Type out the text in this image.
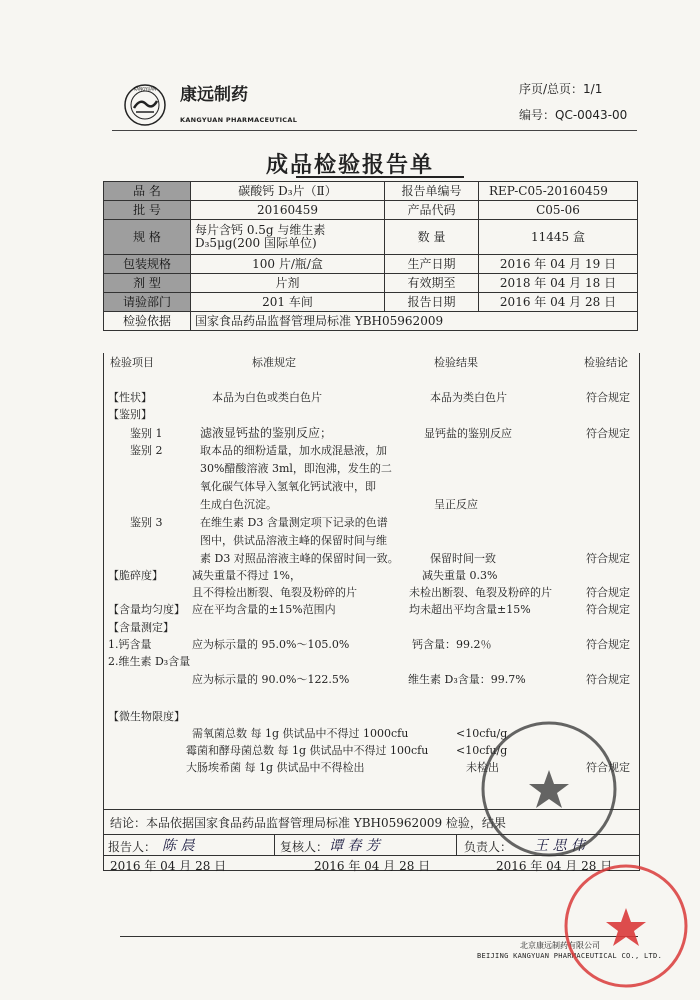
KANGYUAN 康远制药
KANGYUAN PHARMACEUTICAL
序页/总页：1/1
编号：QC-0043-00
成品检验报告单
品 名	碳酸钙 D₃片（Ⅱ）	报告单编号	REP-C05-20160459
批 号	20160459	产品代码	C05-06
规 格	每片含钙 0.5g 与维生素 D₃5μg(200 国际单位)	数 量	11445 盒
包装规格	100 片/瓶/盒	生产日期	2016 年 04 月 19 日
剂 型	片剂	有效期至	2018 年 04 月 18 日
请验部门	201 车间	报告日期	2016 年 04 月 28 日
检验依据	国家食品药品监督管理局标准 YBH05962009		
检验项目	标准规定	检验结果	检验结论
【性状】	本品为白色或类白色片	本品为类白色片	符合规定
【鉴别】
鉴别 1	滤液显钙盐的鉴别反应；	显钙盐的鉴别反应	符合规定
鉴别 2	取本品的细粉适量，加水成混悬液，加
30%醋酸溶液 3ml，即泡沸，发生的二
氧化碳气体导入氢氧化钙试液中，即
生成白色沉淀。	呈正反应
鉴别 3	在维生素 D3 含量测定项下记录的色谱
图中，供试品溶液主峰的保留时间与维
素 D3 对照品溶液主峰的保留时间一致。	保留时间一致	符合规定
【脆碎度】	减失重量不得过 1%，	减失重量 0.3%
且不得检出断裂、龟裂及粉碎的片	未检出断裂、龟裂及粉碎的片	符合规定
【含量均匀度】 应在平均含量的±15%范围内	均未超出平均含量±15%	符合规定
【含量测定】
1.钙含量	应为标示量的 95.0%～105.0%	钙含量：99.2％	符合规定
2.维生素 D₃含量
应为标示量的 90.0%～122.5%	维生素 D₃含量：99.7%	符合规定
【微生物限度】
需氧菌总数 每 1g 供试品中不得过 1000cfu	<10cfu/g
霉菌和酵母菌总数 每 1g 供试品中不得过 100cfu	<10cfu/g
大肠埃希菌 每 1g 供试品中不得检出	未检出	符合规定
结论：本品依据国家食品药品监督管理局标准 YBH05962009 检验，结果
报告人： 陈 晨	复核人： 谭 春 芳	负责人： 王 思 伟
2016 年 04 月 28 日	2016 年 04 月 28 日	2016 年 04 月 28 日
北京康远制药有限公司
BEIJING KANGYUAN PHARMACEUTICAL CO., LTD.
